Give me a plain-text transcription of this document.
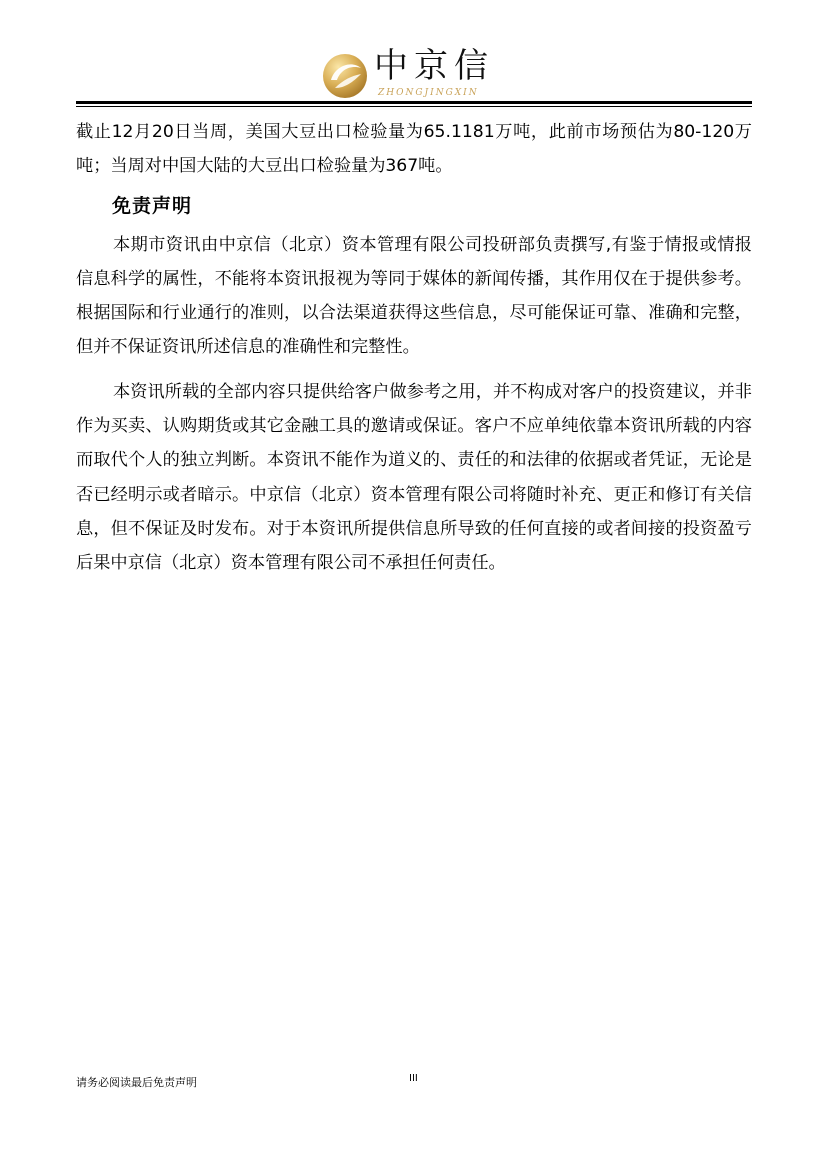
中京信
ZHONGJINGXIN

截止12月20日当周，美国大豆出口检验量为65.1181万吨，此前市场预估为80-120万吨；当周对中国大陆的大豆出口检验量为367吨。

免责声明

本期市资讯由中京信（北京）资本管理有限公司投研部负责撰写,有鉴于情报或情报信息科学的属性，不能将本资讯报视为等同于媒体的新闻传播，其作用仅在于提供参考。根据国际和行业通行的准则，以合法渠道获得这些信息，尽可能保证可靠、准确和完整，但并不保证资讯所述信息的准确性和完整性。

本资讯所载的全部内容只提供给客户做参考之用，并不构成对客户的投资建议，并非作为买卖、认购期货或其它金融工具的邀请或保证。客户不应单纯依靠本资讯所载的内容而取代个人的独立判断。本资讯不能作为道义的、责任的和法律的依据或者凭证，无论是否已经明示或者暗示。中京信（北京）资本管理有限公司将随时补充、更正和修订有关信息，但不保证及时发布。对于本资讯所提供信息所导致的任何直接的或者间接的投资盈亏后果中京信（北京）资本管理有限公司不承担任何责任。

请务必阅读最后免责声明	III
